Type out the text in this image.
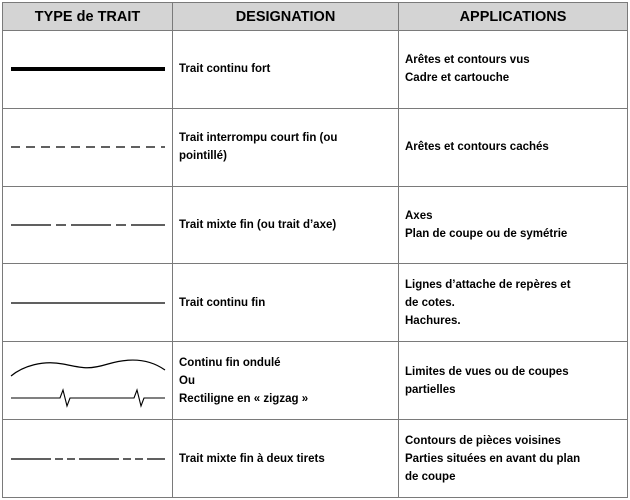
TYPE de TRAIT	DESIGNATION	APPLICATIONS

Trait continu fort	Arêtes et contours vus
Cadre et cartouche

Trait interrompu court fin (ou
pointillé)	Arêtes et contours cachés

Trait mixte fin (ou trait d’axe)	Axes
Plan de coupe ou de symétrie

Trait continu fin	Lignes d’attache de repères et
de cotes.
Hachures.

Continu fin ondulé
Ou
Rectiligne en « zigzag »	Limites de vues ou de coupes
partielles

Trait mixte fin à deux tirets	Contours de pièces voisines
Parties situées en avant du plan
de coupe
